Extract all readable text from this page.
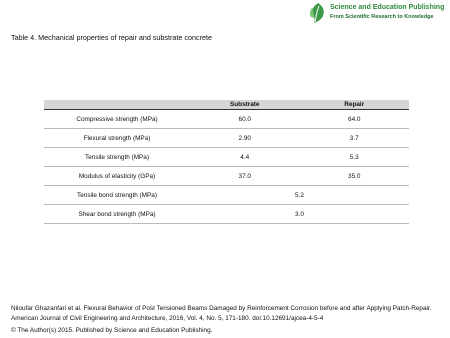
Science and Education Publishing
From Scientific Research to Knowledge
Table 4. Mechanical properties of repair and substrate concrete
	Substrate	Repair
Compressive strength (MPa)	60.0	64.0
Flexural strength (MPa)	2.90	3.7
Tensile strength (MPa)	4.4	5.3
Modulus of elasticity (GPa)	37.0	35.0
Tensile bond strength (MPa)	5.2	
Shear bond strength (MPa)	3.0	
Niloufar Ghazanfari et al. Flexural Behavior of Post Tensioned Beams Damaged by Reinforcement Corrosion before and after Applying Patch-Repair. American Journal of Civil Engineering and Architecture, 2016, Vol. 4, No. 5, 171-180. doi:10.12691/ajcea-4-5-4
© The Author(s) 2015. Published by Science and Education Publishing.
